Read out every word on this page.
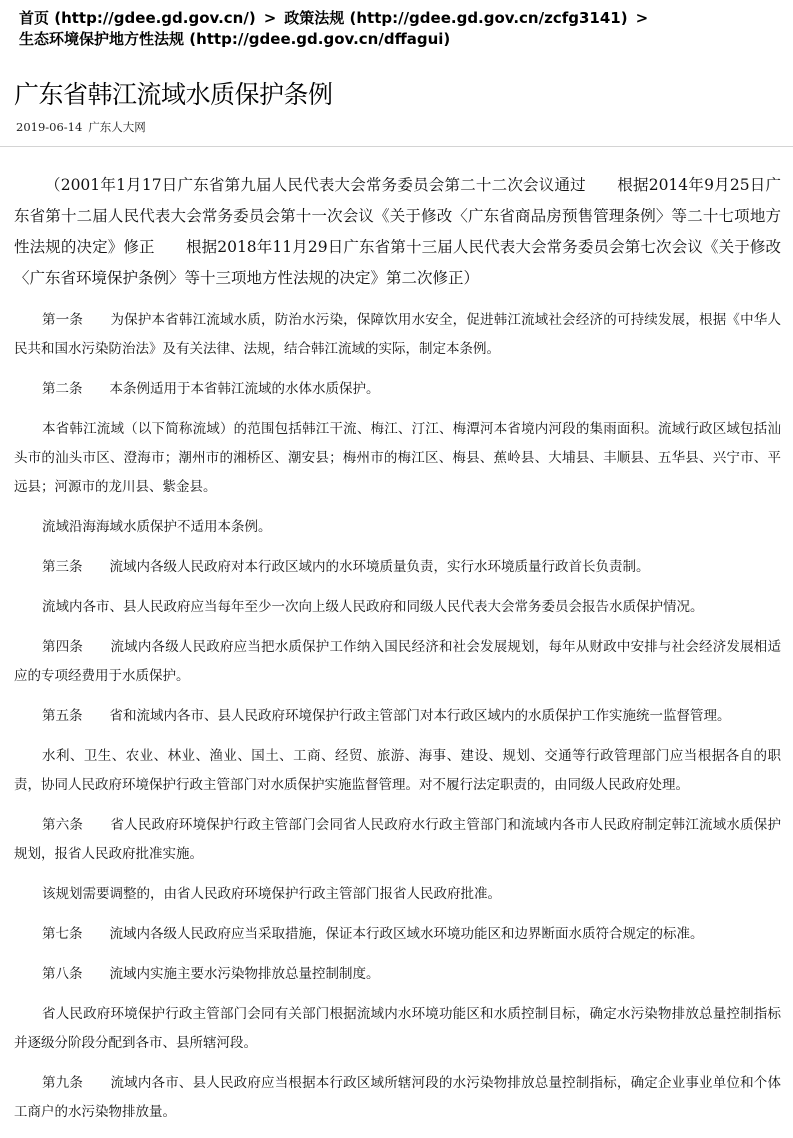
首页 (http://gdee.gd.gov.cn/) > 政策法规 (http://gdee.gd.gov.cn/zcfg3141) >
生态环境保护地方性法规 (http://gdee.gd.gov.cn/dffagui)
广东省韩江流域水质保护条例
2019-06-14 广东人大网

（2001年1月17日广东省第九届人民代表大会常务委员会第二十二次会议通过　　根据2014年9月25日广东省第十二届人民代表大会常务委员会第十一次会议《关于修改〈广东省商品房预售管理条例〉等二十七项地方性法规的决定》修正　　根据2018年11月29日广东省第十三届人民代表大会常务委员会第七次会议《关于修改〈广东省环境保护条例〉等十三项地方性法规的决定》第二次修正）

第一条　　为保护本省韩江流域水质，防治水污染，保障饮用水安全，促进韩江流域社会经济的可持续发展，根据《中华人民共和国水污染防治法》及有关法律、法规，结合韩江流域的实际，制定本条例。

第二条　　本条例适用于本省韩江流域的水体水质保护。

本省韩江流域（以下简称流域）的范围包括韩江干流、梅江、汀江、梅潭河本省境内河段的集雨面积。流域行政区域包括汕头市的汕头市区、澄海市；潮州市的湘桥区、潮安县；梅州市的梅江区、梅县、蕉岭县、大埔县、丰顺县、五华县、兴宁市、平远县；河源市的龙川县、紫金县。

流域沿海海域水质保护不适用本条例。

第三条　　流域内各级人民政府对本行政区域内的水环境质量负责，实行水环境质量行政首长负责制。

流域内各市、县人民政府应当每年至少一次向上级人民政府和同级人民代表大会常务委员会报告水质保护情况。

第四条　　流域内各级人民政府应当把水质保护工作纳入国民经济和社会发展规划，每年从财政中安排与社会经济发展相适应的专项经费用于水质保护。

第五条　　省和流域内各市、县人民政府环境保护行政主管部门对本行政区域内的水质保护工作实施统一监督管理。

水利、卫生、农业、林业、渔业、国土、工商、经贸、旅游、海事、建设、规划、交通等行政管理部门应当根据各自的职责，协同人民政府环境保护行政主管部门对水质保护实施监督管理。对不履行法定职责的，由同级人民政府处理。

第六条　　省人民政府环境保护行政主管部门会同省人民政府水行政主管部门和流域内各市人民政府制定韩江流域水质保护规划，报省人民政府批准实施。

该规划需要调整的，由省人民政府环境保护行政主管部门报省人民政府批准。

第七条　　流域内各级人民政府应当采取措施，保证本行政区域水环境功能区和边界断面水质符合规定的标准。

第八条　　流域内实施主要水污染物排放总量控制制度。

省人民政府环境保护行政主管部门会同有关部门根据流域内水环境功能区和水质控制目标，确定水污染物排放总量控制指标并逐级分阶段分配到各市、县所辖河段。

第九条　　流域内各市、县人民政府应当根据本行政区域所辖河段的水污染物排放总量控制指标，确定企业事业单位和个体工商户的水污染物排放量。
